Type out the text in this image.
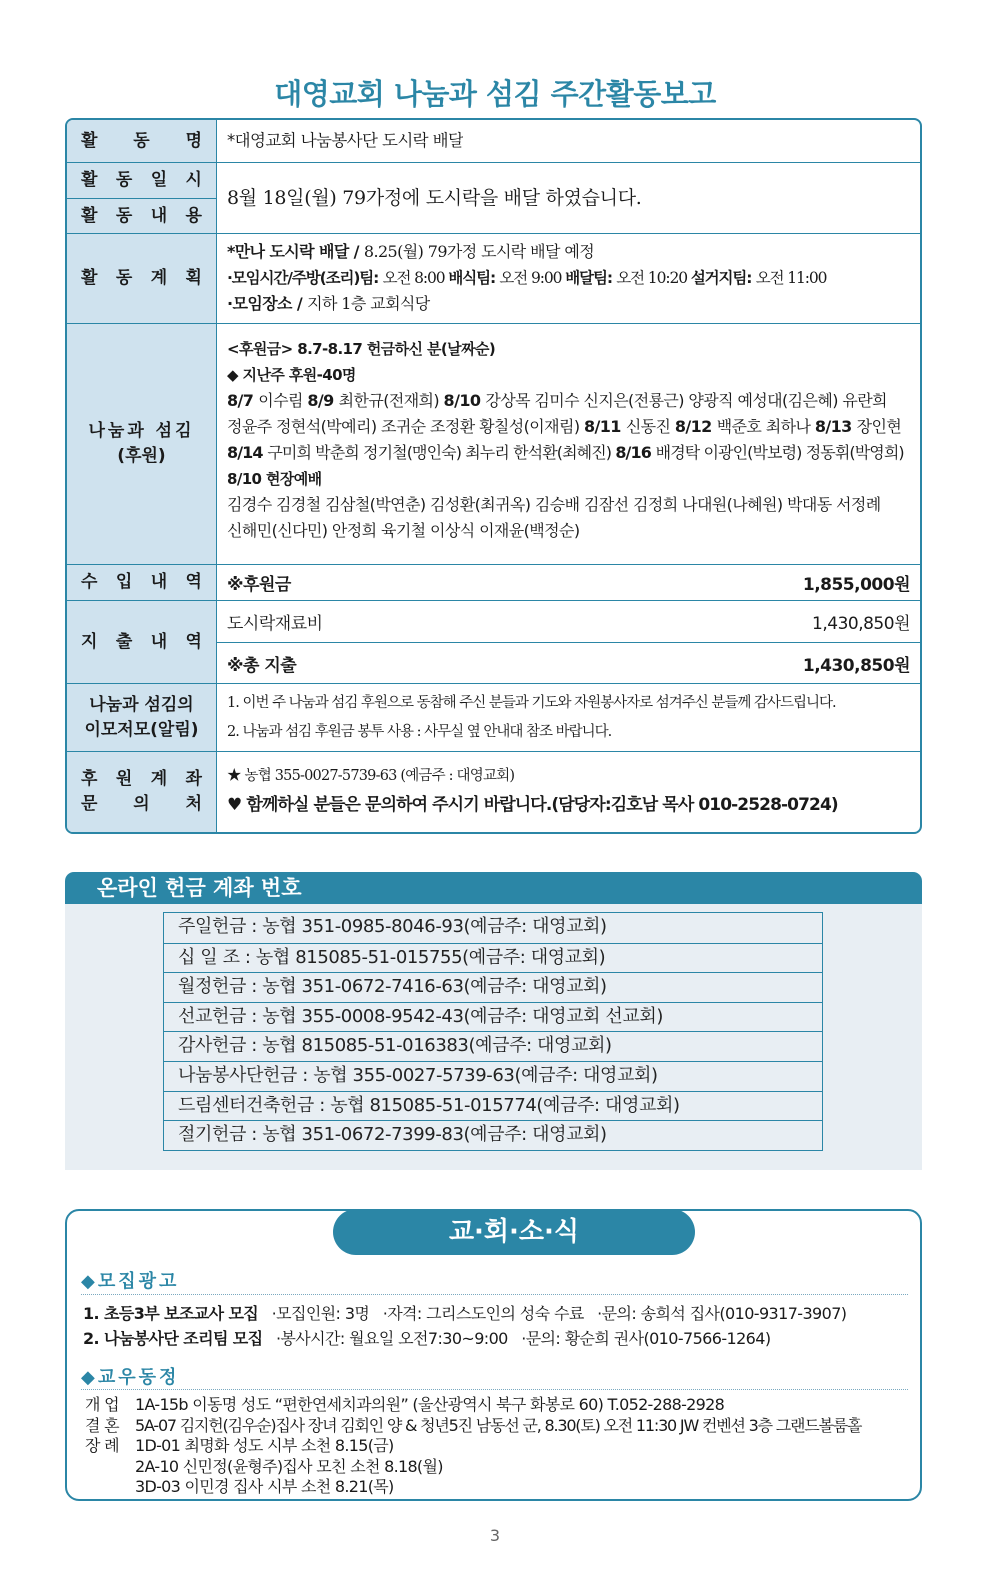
대영교회 나눔과 섬김 주간활동보고
활 동 명 *대영교회 나눔봉사단 도시락 배달
활 동 일 시
활 동 내 용
8월 18일(월) 79가정에 도시락을 배달 하였습니다.
활 동 계 획
*만나 도시락 배달 / 8.25(월) 79가정 도시락 배달 예정
·모임시간/주방(조리)팀: 오전 8:00 배식팀: 오전 9:00 배달팀: 오전 10:20 설거지팀: 오전 11:00
·모임장소 / 지하 1층 교회식당
나눔과 섬김
(후원)
<후원금> 8.7-8.17 헌금하신 분(날짜순)
◆ 지난주 후원-40명
8/7 이수림 8/9 최한규(전재희) 8/10 강상목 김미수 신지은(전룡근) 양광직 예성대(김은혜) 유란희
정윤주 정현석(박예리) 조귀순 조정환 황칠성(이재림) 8/11 신동진 8/12 백준호 최하나 8/13 장인현
8/14 구미희 박춘희 정기철(맹인숙) 최누리 한석환(최혜진) 8/16 배경탁 이광인(박보령) 정동휘(박영희)
8/10 현장예배
김경수 김경철 김삼철(박연춘) 김성환(최귀옥) 김승배 김잠선 김정희 나대원(나혜원) 박대동 서정례
신해민(신다민) 안정희 육기철 이상식 이재윤(백정순)
수 입 내 역 ※후원금	1,855,000원
지 출 내 역
도시락재료비	1,430,850원
※총 지출	1,430,850원
나눔과 섬김의
이모저모(알림)
1. 이번 주 나눔과 섬김 후원으로 동참해 주신 분들과 기도와 자원봉사자로 섬겨주신 분들께 감사드립니다.
2. 나눔과 섬김 후원금 봉투 사용 : 사무실 옆 안내대 참조 바랍니다.
후 원 계 좌
문 의 처
★ 농협 355-0027-5739-63 (예금주 : 대영교회)
♥ 함께하실 분들은 문의하여 주시기 바랍니다.(담당자:김호남 목사 010-2528-0724)
온라인 헌금 계좌 번호
주일헌금 : 농협 351-0985-8046-93(예금주: 대영교회)
십 일 조 : 농협 815085-51-015755(예금주: 대영교회)
월정헌금 : 농협 351-0672-7416-63(예금주: 대영교회)
선교헌금 : 농협 355-0008-9542-43(예금주: 대영교회 선교회)
감사헌금 : 농협 815085-51-016383(예금주: 대영교회)
나눔봉사단헌금 : 농협 355-0027-5739-63(예금주: 대영교회)
드림센터건축헌금 : 농협 815085-51-015774(예금주: 대영교회)
절기헌금 : 농협 351-0672-7399-83(예금주: 대영교회)
교·회·소·식
◆모집광고
1. 초등3부 보조교사 모집   ·모집인원: 3명   ·자격: 그리스도인의 성숙 수료   ·문의: 송희석 집사(010-9317-3907)
2. 나눔봉사단 조리팀 모집   ·봉사시간: 월요일 오전7:30~9:00   ·문의: 황순희 권사(010-7566-1264)
◆교우동정
개 업	1A-15b 이동명 성도 “편한연세치과의원” (울산광역시 북구 화봉로 60) T.052-288-2928
결 혼	5A-07 김지헌(김우순)집사 장녀 김회인 양 & 청년5진 남동선 군, 8.30(토) 오전 11:30 JW 컨벤션 3층 그랜드볼룸홀
장 례	1D-01 최명화 성도 시부 소천 8.15(금)
2A-10 신민정(윤형주)집사 모친 소천 8.18(월)
3D-03 이민경 집사 시부 소천 8.21(목)
3
